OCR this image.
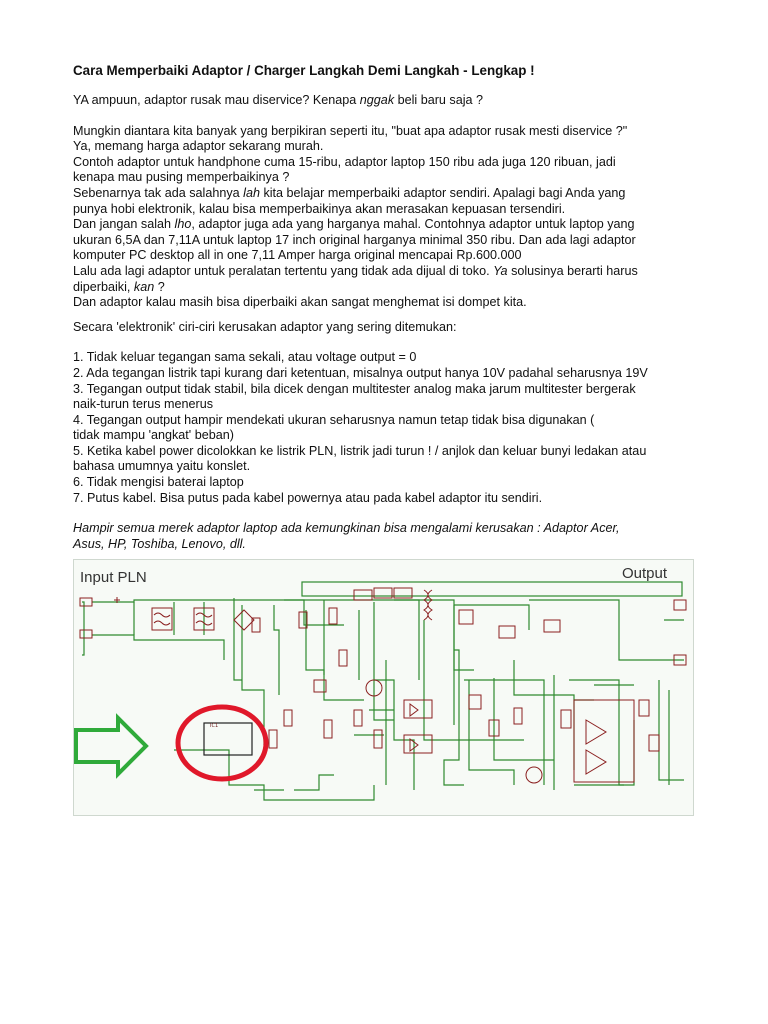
Cara Memperbaiki Adaptor / Charger Langkah Demi Langkah - Lengkap !

YA ampuun, adaptor rusak mau diservice? Kenapa nggak beli baru saja ?

Mungkin diantara kita banyak yang berpikiran seperti itu, "buat apa adaptor rusak mesti diservice ?"

Ya, memang harga adaptor sekarang murah.

Contoh adaptor untuk handphone cuma 15-ribu, adaptor laptop 150 ribu ada juga 120 ribuan, jadi

kenapa mau pusing memperbaikinya ?

Sebenarnya tak ada salahnya lah kita belajar memperbaiki adaptor sendiri. Apalagi bagi Anda yang

punya hobi elektronik, kalau bisa memperbaikinya akan merasakan kepuasan tersendiri.

Dan jangan salah lho, adaptor juga ada yang harganya mahal. Contohnya adaptor untuk laptop yang

ukuran 6,5A dan 7,11A untuk laptop 17 inch original harganya minimal 350 ribu. Dan ada lagi adaptor

komputer PC desktop all in one 7,11 Amper harga original mencapai Rp.600.000

Lalu ada lagi adaptor untuk peralatan tertentu yang tidak ada dijual di toko. Ya solusinya berarti harus

diperbaiki, kan ?

Dan adaptor kalau masih bisa diperbaiki akan sangat menghemat isi dompet kita.

Secara 'elektronik' ciri-ciri kerusakan adaptor yang sering ditemukan:

1. Tidak keluar tegangan sama sekali, atau voltage output = 0

2. Ada tegangan listrik tapi kurang dari ketentuan, misalnya output hanya 10V padahal seharusnya 19V

3. Tegangan output tidak stabil, bila dicek dengan multitester analog maka jarum multitester bergerak

naik-turun terus menerus

4. Tegangan output hampir mendekati ukuran seharusnya namun tetap tidak bisa digunakan (

tidak mampu 'angkat' beban)

5. Ketika kabel power dicolokkan ke listrik PLN, listrik jadi turun ! / anjlok dan keluar bunyi ledakan atau

bahasa umumnya yaitu konslet.

6. Tidak mengisi baterai laptop

7. Putus kabel. Bisa putus pada kabel powernya atau pada kabel adaptor itu sendiri.

Hampir semua merek adaptor laptop ada kemungkinan bisa mengalami kerusakan : Adaptor Acer,

Asus, HP, Toshiba, Lenovo, dll.

Input PLN	Output
IC1
